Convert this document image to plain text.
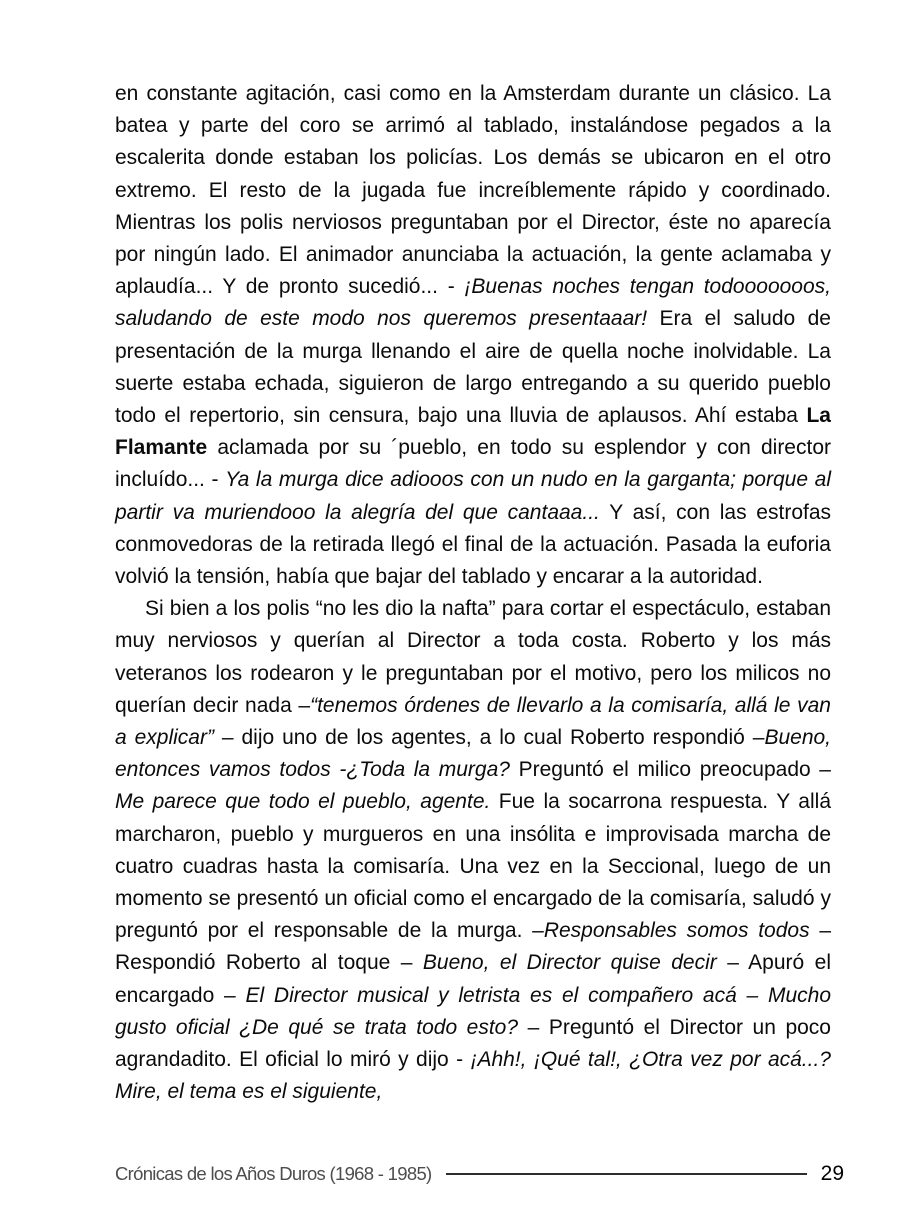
en constante agitación, casi como en la Amsterdam durante un clásico. La batea y parte del coro se arrimó al tablado, instalándose pegados a la escalerita donde estaban los policías. Los demás se ubicaron en el otro extremo. El resto de la jugada fue increíblemente rápido y coordinado. Mientras los polis nerviosos preguntaban por el Director, éste no aparecía por ningún lado. El animador anunciaba la actuación, la gente aclamaba y aplaudía... Y de pronto sucedió... - ¡Buenas noches tengan todooooooos, saludando de este modo nos queremos presentaaar! Era el saludo de presentación de la murga llenando el aire de quella noche inolvidable. La suerte estaba echada, siguieron de largo entregando a su querido pueblo todo el repertorio, sin censura, bajo una lluvia de aplausos. Ahí estaba La Flamante aclamada por su ´pueblo, en todo su esplendor y con director incluído... - Ya la murga dice adiooos con un nudo en la garganta; porque al partir va muriendooo la alegría del que cantaaa... Y así, con las estrofas conmovedoras de la retirada llegó el final de la actuación. Pasada la euforia volvió la tensión, había que bajar del tablado y encarar a la autoridad.

Si bien a los polis “no les dio la nafta” para cortar el espectáculo, estaban muy nerviosos y querían al Director a toda costa. Roberto y los más veteranos los rodearon y le preguntaban por el motivo, pero los milicos no querían decir nada –“tenemos órdenes de llevarlo a la comisaría, allá le van a explicar” – dijo uno de los agentes, a lo cual Roberto respondió –Bueno, entonces vamos todos -¿Toda la murga? Preguntó el milico preocupado –Me parece que todo el pueblo, agente. Fue la socarrona respuesta. Y allá marcharon, pueblo y murgueros en una insólita e improvisada marcha de cuatro cuadras hasta la comisaría. Una vez en la Seccional, luego de un momento se presentó un oficial como el encargado de la comisaría, saludó y preguntó por el responsable de la murga. –Responsables somos todos – Respondió Roberto al toque – Bueno, el Director quise decir – Apuró el encargado – El Director musical y letrista es el compañero acá – Mucho gusto oficial ¿De qué se trata todo esto? – Preguntó el Director un poco agrandadito. El oficial lo miró y dijo - ¡Ahh!, ¡Qué tal!, ¿Otra vez por acá...? Mire, el tema es el siguiente,

Crónicas de los Años Duros (1968 - 1985)	29
